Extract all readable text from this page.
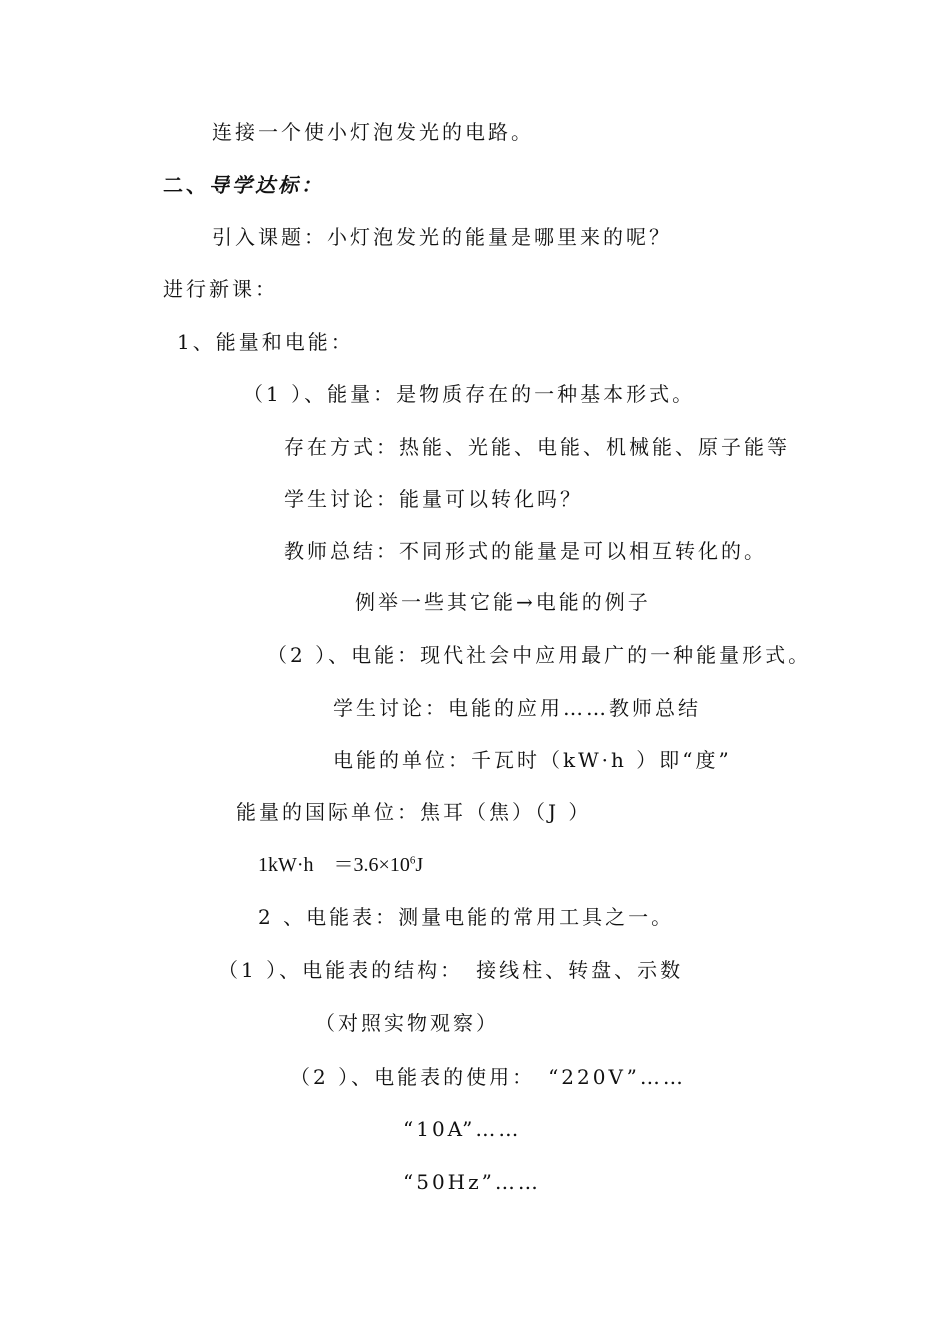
连接一个使小灯泡发光的电路。
二、导学达标：
引入课题：小灯泡发光的能量是哪里来的呢？
进行新课：
1、能量和电能：
（1 ）、能量：是物质存在的一种基本形式。
存在方式：热能、光能、电能、机械能、原子能等
学生讨论：能量可以转化吗？
教师总结：不同形式的能量是可以相互转化的。
例举一些其它能→电能的例子
（2 ）、电能：现代社会中应用最广的一种能量形式。
学生讨论：电能的应用……教师总结
电能的单位：千瓦时（kW·h ）即“度”
能量的国际单位：焦耳（焦）（J ）
1kW·h　$=3.6\times 10^6J$
2 、电能表：测量电能的常用工具之一。
（1 ）、电能表的结构：　接线柱、转盘、示数
（对照实物观察）
（2 ）、电能表的使用：　“220V”……
“10A”……
“50Hz”……
